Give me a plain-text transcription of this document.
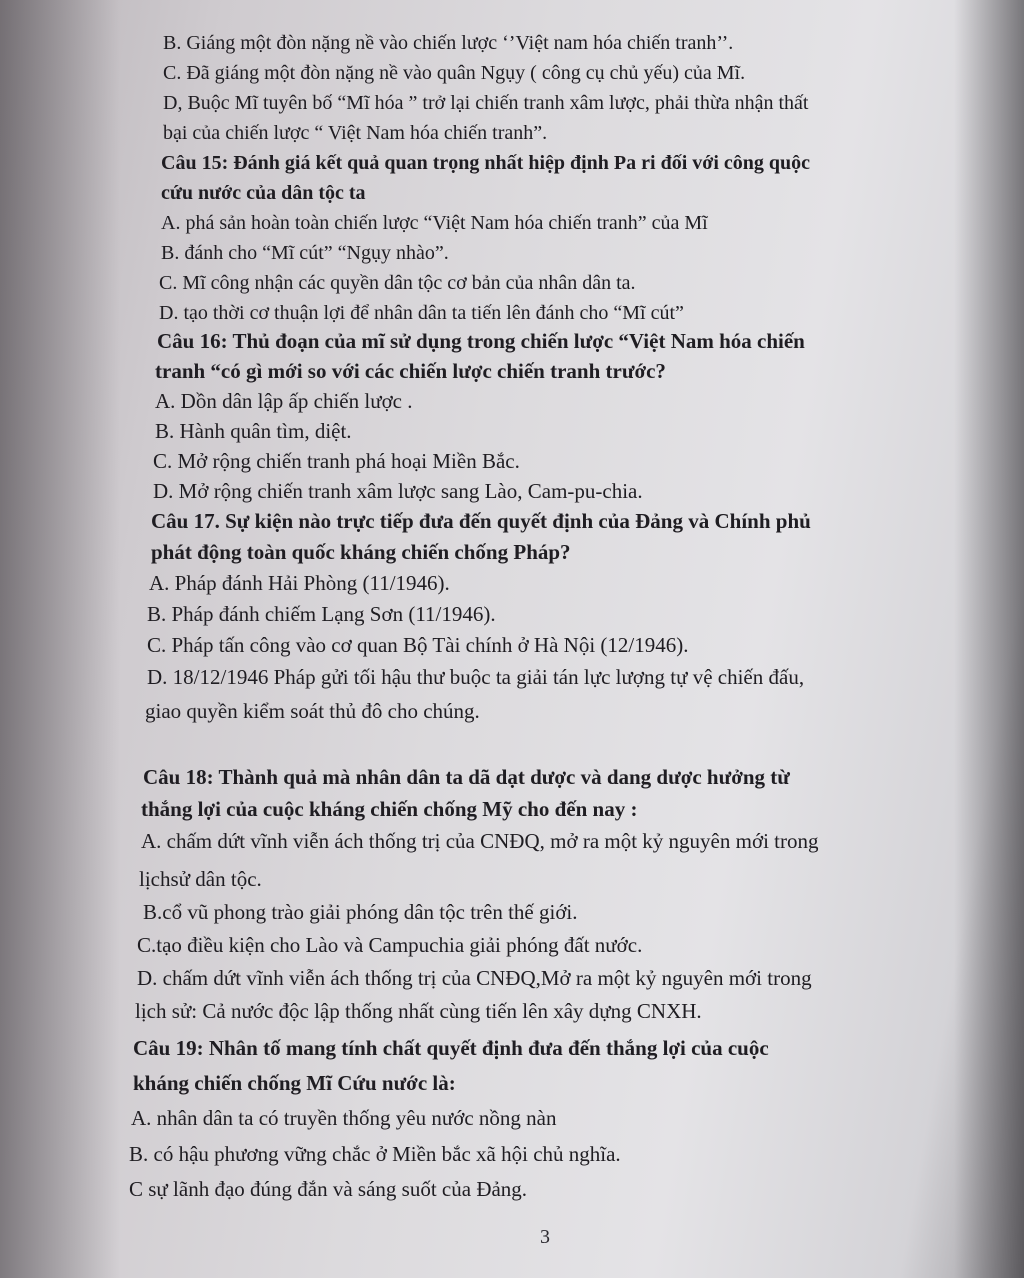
B. Giáng một đòn nặng nề vào chiến lược ‘’Việt nam hóa chiến tranh’’.
C. Đã giáng một đòn nặng nề vào quân Ngụy ( công cụ chủ yếu) của Mĩ.
D, Buộc Mĩ tuyên bố “Mĩ hóa ” trở lại chiến tranh xâm lược, phải thừa nhận thất
bại của chiến lược “ Việt Nam hóa chiến tranh”.
Câu 15: Đánh giá kết quả quan trọng nhất hiệp định Pa ri đối với công quộc
cứu nước của dân tộc ta
A. phá sản hoàn toàn chiến lược “Việt Nam hóa chiến tranh” của Mĩ
B. đánh cho “Mĩ cút” “Ngụy nhào”.
C. Mĩ công nhận các quyền dân tộc cơ bản của nhân dân ta.
D. tạo thời cơ thuận lợi để nhân dân ta tiến lên đánh cho “Mĩ cút”
Câu 16: Thủ đoạn của mĩ sử dụng trong chiến lược “Việt Nam hóa chiến
tranh “có gì mới so với các chiến lược chiến tranh trước?
A. Dồn dân lập ấp chiến lược .
B. Hành quân tìm, diệt.
C. Mở rộng chiến tranh phá hoại Miền Bắc.
D. Mở rộng chiến tranh xâm lược sang Lào, Cam-pu-chia.
Câu 17. Sự kiện nào trực tiếp đưa đến quyết định của Đảng và Chính phủ
phát động toàn quốc kháng chiến chống Pháp?
A. Pháp đánh Hải Phòng (11/1946).
B. Pháp đánh chiếm Lạng Sơn (11/1946).
C. Pháp tấn công vào cơ quan Bộ Tài chính ở Hà Nội (12/1946).
D. 18/12/1946 Pháp gửi tối hậu thư buộc ta giải tán lực lượng tự vệ chiến đấu,
giao quyền kiểm soát thủ đô cho chúng.
Câu 18: Thành quả mà nhân dân ta dã dạt dược và dang dược hưởng từ
thắng lợi của cuộc kháng chiến chống Mỹ cho đến nay :
A. chấm dứt vĩnh viễn ách thống trị của CNĐQ, mở ra một kỷ nguyên mới trong
lịchsử dân tộc.
B.cổ vũ phong trào giải phóng dân tộc trên thế giới.
C.tạo điều kiện cho Lào và Campuchia giải phóng đất nước.
D. chấm dứt vĩnh viễn ách thống trị của CNĐQ,Mở ra một kỷ nguyên mới trong
lịch sử: Cả nước độc lập thống nhất cùng tiến lên xây dựng CNXH.
Câu 19: Nhân tố mang tính chất quyết định đưa đến thắng lợi của cuộc
kháng chiến chống Mĩ Cứu nước là:
A. nhân dân ta có truyền thống yêu nước nồng nàn
B. có hậu phương vững chắc ở Miền bắc xã hội chủ nghĩa.
C sự lãnh đạo đúng đắn và sáng suốt của Đảng.
3
